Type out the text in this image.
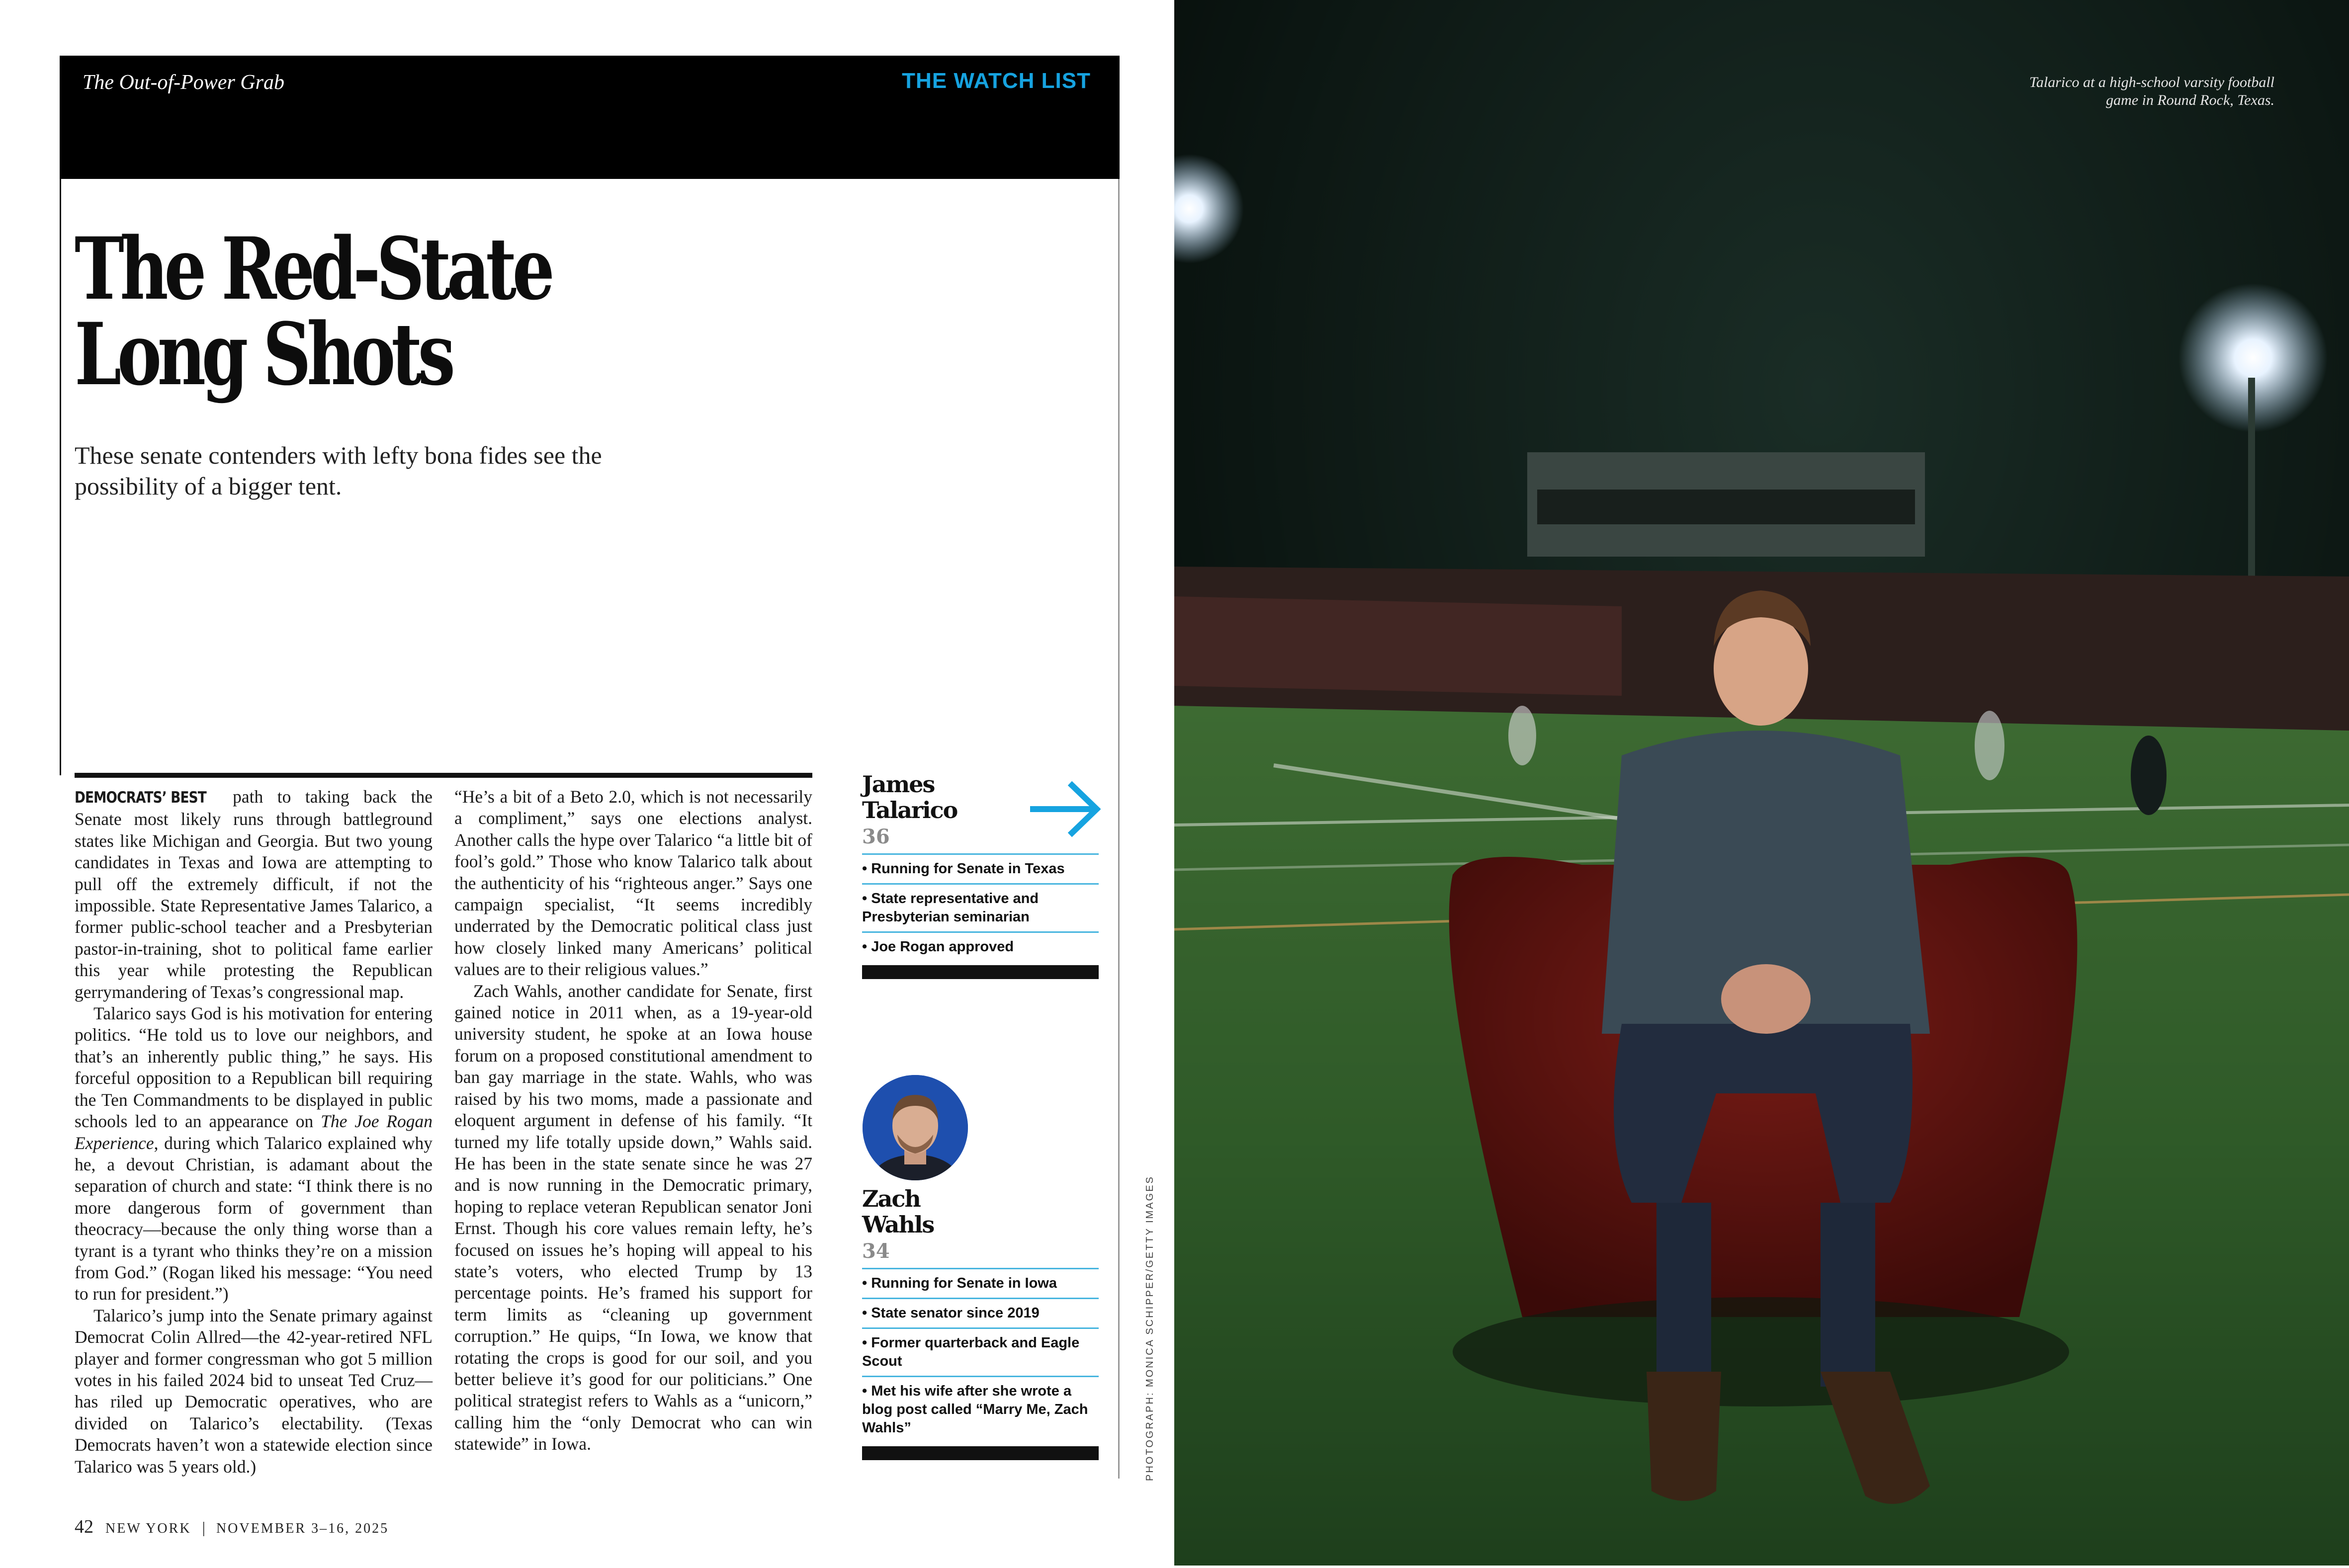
The Out-of-Power Grab	THE WATCH LIST
The Red-State
Long Shots

These senate contenders with lefty bona fides see the possibility of a bigger tent.

DEMOCRATS’ BEST path to taking back the Senate most likely runs through battleground states like Michigan and Georgia. But two young candidates in Texas and Iowa are attempting to pull off the extremely difficult, if not the impossible. State Representative James Talarico, a former public-school teacher and a Presbyterian pastor-in-training, shot to political fame earlier this year while protesting the Republican gerrymandering of Texas’s congressional map.

Talarico says God is his motivation for entering politics. “He told us to love our neighbors, and that’s an inherently public thing,” he says. His forceful opposition to a Republican bill requiring the Ten Commandments to be displayed in public schools led to an appearance on The Joe Rogan Experience, during which Talarico explained why he, a devout Christian, is adamant about the separation of church and state: “I think there is no more dangerous form of government than theocracy—because the only thing worse than a tyrant is a tyrant who thinks they’re on a mission from God.” (Rogan liked his message: “You need to run for president.”)

Talarico’s jump into the Senate primary against Democrat Colin Allred—the 42-year-retired NFL player and former congressman who got 5 million votes in his failed 2024 bid to unseat Ted Cruz—has riled up Democratic operatives, who are divided on Talarico’s electability. (Texas Democrats haven’t won a statewide election since Talarico was 5 years old.)

“He’s a bit of a Beto 2.0, which is not necessarily a compliment,” says one elections analyst. Another calls the hype over Talarico “a little bit of fool’s gold.” Those who know Talarico talk about the authenticity of his “righteous anger.” Says one campaign specialist, “It seems incredibly underrated by the Democratic political class just how closely linked many Americans’ political values are to their religious values.”

Zach Wahls, another candidate for Senate, first gained notice in 2011 when, as a 19-year-old university student, he spoke at an Iowa house forum on a proposed constitutional amendment to ban gay marriage in the state. Wahls, who was raised by his two moms, made a passionate and eloquent argument in defense of his family. “It turned my life totally upside down,” Wahls said. He has been in the state senate since he was 27 and is now running in the Democratic primary, hoping to replace veteran Republican senator Joni Ernst. Though his core values remain lefty, he’s focused on issues he’s hoping will appeal to his state’s voters, who elected Trump by 13 percentage points. He’s framed his support for term limits as “cleaning up government corruption.” He quips, “In Iowa, we know that rotating the crops is good for our soil, and you better believe it’s good for our politicians.” One political strategist refers to Wahls as a “unicorn,” calling him the “only Democrat who can win statewide” in Iowa.

James
Talarico
36
• Running for Senate in Texas
• State representative and Presbyterian seminarian
• Joe Rogan approved
Zach
Wahls
34
• Running for Senate in Iowa
• State senator since 2019
• Former quarterback and Eagle Scout
• Met his wife after she wrote a blog post called “Marry Me, Zach Wahls”
42 NEW YORK | NOVEMBER 3–16, 2025
PHOTOGRAPH: MONICA SCHIPPER/GETTY IMAGES
Talarico at a high-school varsity football game in Round Rock, Texas.
